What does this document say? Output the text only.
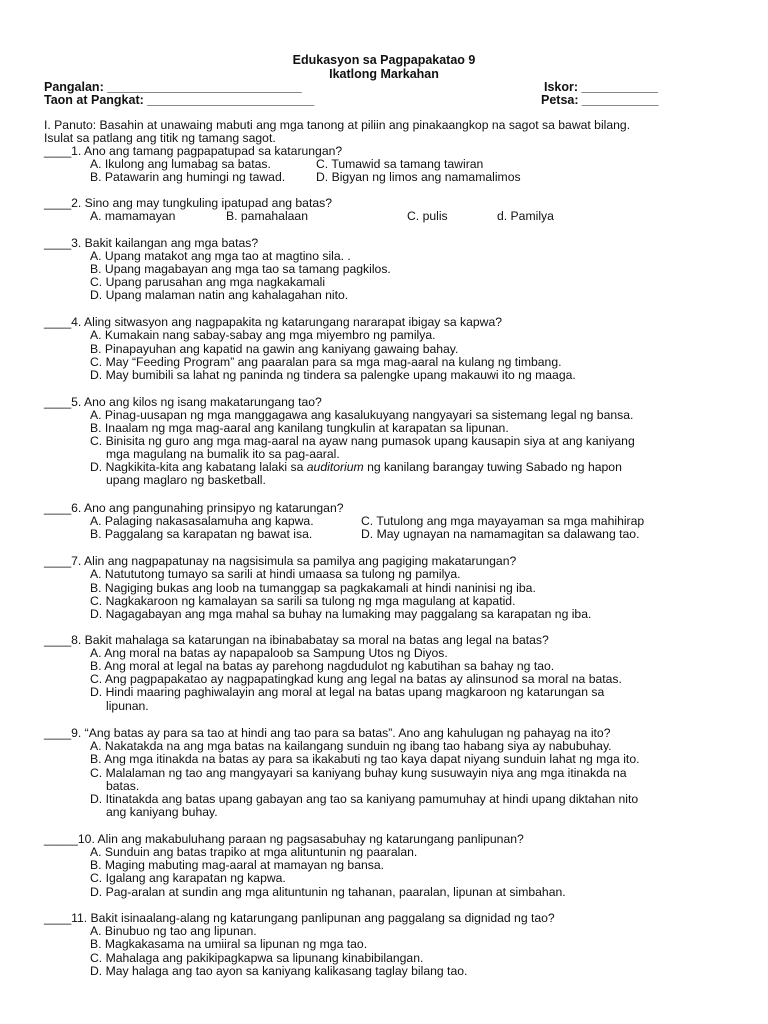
Edukasyon sa Pagpapakatao 9
Ikatlong Markahan
Pangalan: ____________________________
Taon at Pangkat: ________________________
Iskor: ___________
Petsa: ___________
I. Panuto: Basahin at unawaing mabuti ang mga tanong at piliin ang pinakaangkop na sagot sa bawat bilang.
Isulat sa patlang ang titik ng tamang sagot.
____1. Ano ang tamang pagpapatupad sa katarungan?
A. Ikulong ang lumabag sa batas.	C. Tumawid sa tamang tawiran
B. Patawarin ang humingi ng tawad.	D. Bigyan ng limos ang namamalimos
____2. Sino ang may tungkuling ipatupad ang batas?
A. mamamayan	B. pamahalaan	C. pulis	d. Pamilya
____3. Bakit kailangan ang mga batas?
A. Upang matakot ang mga tao at magtino sila. .
B. Upang magabayan ang mga tao sa tamang pagkilos.
C. Upang parusahan ang mga nagkakamali
D. Upang malaman natin ang kahalagahan nito.
____4. Aling sitwasyon ang nagpapakita ng katarungang nararapat ibigay sa kapwa?
A. Kumakain nang sabay-sabay ang mga miyembro ng pamilya.
B. Pinapayuhan ang kapatid na gawin ang kaniyang gawaing bahay.
C. May “Feeding Program” ang paaralan para sa mga mag-aaral na kulang ng timbang.
D. May bumibili sa lahat ng paninda ng tindera sa palengke upang makauwi ito ng maaga.
____5. Ano ang kilos ng isang makatarungang tao?
A. Pinag-uusapan ng mga manggagawa ang kasalukuyang nangyayari sa sistemang legal ng bansa.
B. Inaalam ng mga mag-aaral ang kanilang tungkulin at karapatan sa lipunan.
C. Binisita ng guro ang mga mag-aaral na ayaw nang pumasok upang kausapin siya at ang kaniyang
mga magulang na bumalik ito sa pag-aaral.
D. Nagkikita-kita ang kabatang lalaki sa auditorium ng kanilang barangay tuwing Sabado ng hapon
upang maglaro ng basketball.
____6. Ano ang pangunahing prinsipyo ng katarungan?
A. Palaging nakasasalamuha ang kapwa.	C. Tutulong ang mga mayayaman sa mga mahihirap
B. Paggalang sa karapatan ng bawat isa.	D. May ugnayan na namamagitan sa dalawang tao.
____7. Alin ang nagpapatunay na nagsisimula sa pamilya ang pagiging makatarungan?
A. Natututong tumayo sa sarili at hindi umaasa sa tulong ng pamilya.
B. Nagiging bukas ang loob na tumanggap sa pagkakamali at hindi naninisi ng iba.
C. Nagkakaroon ng kamalayan sa sarili sa tulong ng mga magulang at kapatid.
D. Nagagabayan ang mga mahal sa buhay na lumaking may paggalang sa karapatan ng iba.
____8. Bakit mahalaga sa katarungan na ibinababatay sa moral na batas ang legal na batas?
A. Ang moral na batas ay napapaloob sa Sampung Utos ng Diyos.
B. Ang moral at legal na batas ay parehong nagdudulot ng kabutihan sa bahay ng tao.
C. Ang pagpapakatao ay nagpapatingkad kung ang legal na batas ay alinsunod sa moral na batas.
D. Hindi maaring paghiwalayin ang moral at legal na batas upang magkaroon ng katarungan sa
lipunan.
____9. “Ang batas ay para sa tao at hindi ang tao para sa batas”. Ano ang kahulugan ng pahayag na ito?
A. Nakatakda na ang mga batas na kailangang sunduin ng ibang tao habang siya ay nabubuhay.
B. Ang mga itinakda na batas ay para sa ikakabuti ng tao kaya dapat niyang sunduin lahat ng mga ito.
C. Malalaman ng tao ang mangyayari sa kaniyang buhay kung susuwayin niya ang mga itinakda na
batas.
D. Itinatakda ang batas upang gabayan ang tao sa kaniyang pamumuhay at hindi upang diktahan nito
ang kaniyang buhay.
_____10. Alin ang makabuluhang paraan ng pagsasabuhay ng katarungang panlipunan?
A. Sunduin ang batas trapiko at mga alituntunin ng paaralan.
B. Maging mabuting mag-aaral at mamayan ng bansa.
C. Igalang ang karapatan ng kapwa.
D. Pag-aralan at sundin ang mga alituntunin ng tahanan, paaralan, lipunan at simbahan.
____11. Bakit isinaalang-alang ng katarungang panlipunan ang paggalang sa dignidad ng tao?
A. Binubuo ng tao ang lipunan.
B. Magkakasama na umiiral sa lipunan ng mga tao.
C. Mahalaga ang pakikipagkapwa sa lipunang kinabibilangan.
D. May halaga ang tao ayon sa kaniyang kalikasang taglay bilang tao.
